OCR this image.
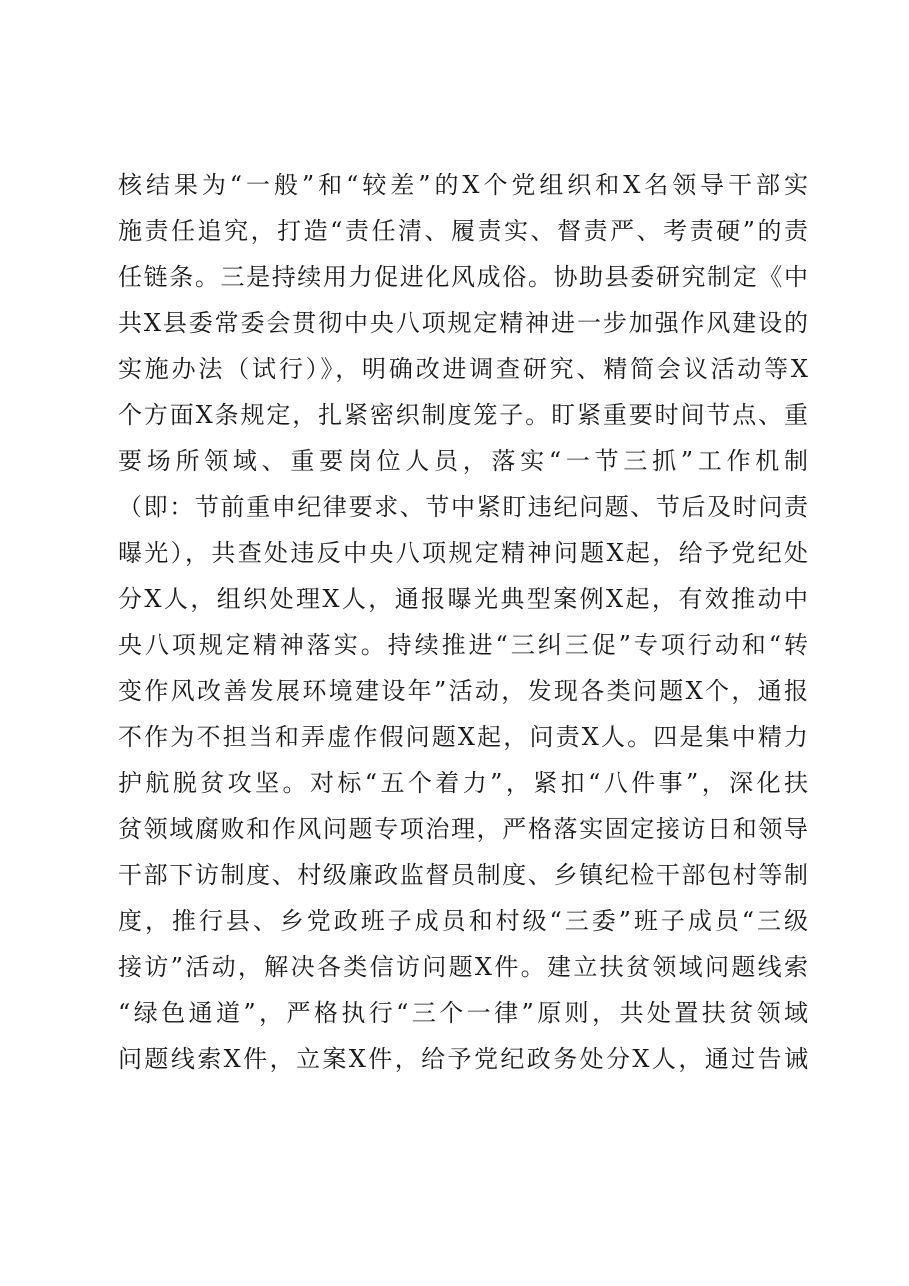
核结果为“一般”和“较差”的X个党组织和X名领导干部实
施责任追究，打造“责任清、履责实、督责严、考责硬”的责
任链条。三是持续用力促进化风成俗。协助县委研究制定《中
共X县委常委会贯彻中央八项规定精神进一步加强作风建设的
实施办法（试行）》，明确改进调查研究、精简会议活动等X
个方面X条规定，扎紧密织制度笼子。盯紧重要时间节点、重
要场所领域、重要岗位人员，落实“一节三抓”工作机制
（即：节前重申纪律要求、节中紧盯违纪问题、节后及时问责
曝光），共查处违反中央八项规定精神问题X起，给予党纪处
分X人，组织处理X人，通报曝光典型案例X起，有效推动中
央八项规定精神落实。持续推进“三纠三促”专项行动和“转
变作风改善发展环境建设年”活动，发现各类问题X个，通报
不作为不担当和弄虚作假问题X起，问责X人。四是集中精力
护航脱贫攻坚。对标“五个着力”，紧扣“八件事”，深化扶
贫领域腐败和作风问题专项治理，严格落实固定接访日和领导
干部下访制度、村级廉政监督员制度、乡镇纪检干部包村等制
度，推行县、乡党政班子成员和村级“三委”班子成员“三级
接访”活动，解决各类信访问题X件。建立扶贫领域问题线索
“绿色通道”，严格执行“三个一律”原则，共处置扶贫领域
问题线索X件，立案X件，给予党纪政务处分X人，通过告诫
